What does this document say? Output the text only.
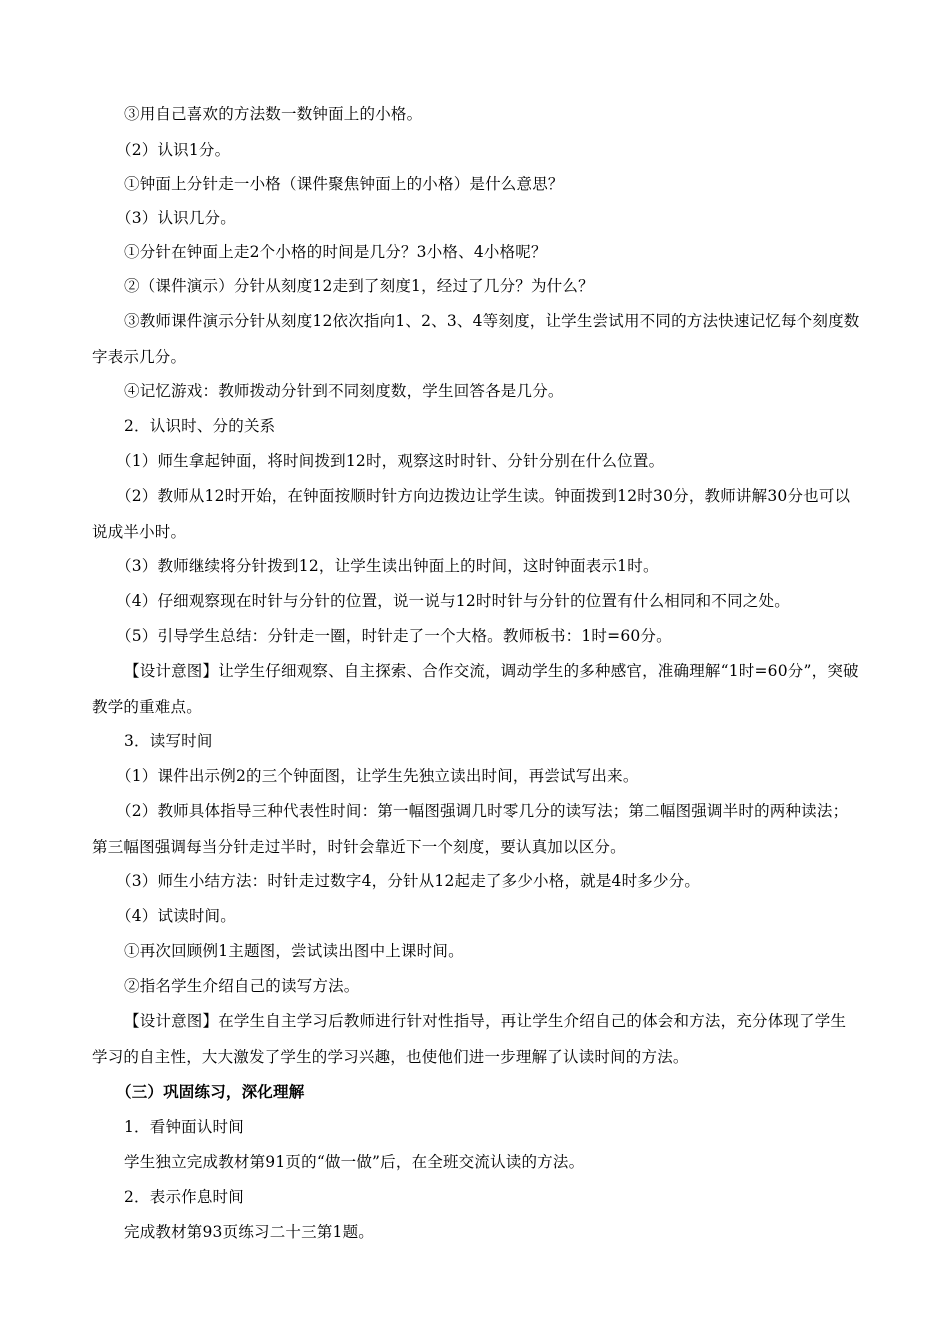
③用自己喜欢的方法数一数钟面上的小格。
（2）认识1分。
①钟面上分针走一小格（课件聚焦钟面上的小格）是什么意思？
（3）认识几分。
①分针在钟面上走2个小格的时间是几分？3小格、4小格呢？
②（课件演示）分针从刻度12走到了刻度1，经过了几分？为什么？
③教师课件演示分针从刻度12依次指向1、2、3、4等刻度，让学生尝试用不同的方法快速记忆每个刻度数字表示几分。
④记忆游戏：教师拨动分针到不同刻度数，学生回答各是几分。
2．认识时、分的关系
（1）师生拿起钟面，将时间拨到12时，观察这时时针、分针分别在什么位置。
（2）教师从12时开始，在钟面按顺时针方向边拨边让学生读。钟面拨到12时30分，教师讲解30分也可以说成半小时。
（3）教师继续将分针拨到12，让学生读出钟面上的时间，这时钟面表示1时。
（4）仔细观察现在时针与分针的位置，说一说与12时时针与分针的位置有什么相同和不同之处。
（5）引导学生总结：分针走一圈，时针走了一个大格。教师板书：1时=60分。
【设计意图】让学生仔细观察、自主探索、合作交流，调动学生的多种感官，准确理解“1时=60分”，突破教学的重难点。
3．读写时间
（1）课件出示例2的三个钟面图，让学生先独立读出时间，再尝试写出来。
（2）教师具体指导三种代表性时间：第一幅图强调几时零几分的读写法；第二幅图强调半时的两种读法；第三幅图强调每当分针走过半时，时针会靠近下一个刻度，要认真加以区分。
（3）师生小结方法：时针走过数字4，分针从12起走了多少小格，就是4时多少分。
（4）试读时间。
①再次回顾例1主题图，尝试读出图中上课时间。
②指名学生介绍自己的读写方法。
【设计意图】在学生自主学习后教师进行针对性指导，再让学生介绍自己的体会和方法，充分体现了学生学习的自主性，大大激发了学生的学习兴趣，也使他们进一步理解了认读时间的方法。
（三）巩固练习，深化理解
1．看钟面认时间
学生独立完成教材第91页的“做一做”后，在全班交流认读的方法。
2．表示作息时间
完成教材第93页练习二十三第1题。
